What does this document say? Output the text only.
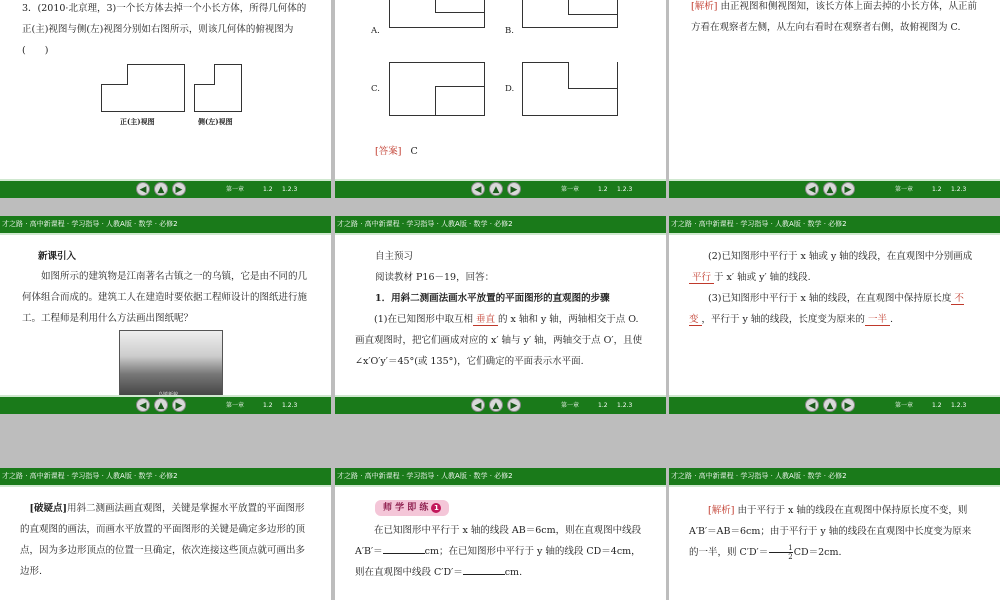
3．(2010·北京理，3)一个长方体去掉一个小长方体，所得几何体的正(主)视图与侧(左)视图分别如右图所示，则该几何体的俯视图为(　　)
正(主)视图	侧(左)视图
◀	▲	▶	第一章	1.2 1.2.3
A.	B.
C.	D.
[答案] C
◀	▲	▶	第一章	1.2 1.2.3
[解析] 由正视图和侧视图知，该长方体上面去掉的小长方体，从正前方看在观察者左侧，从左向右看时在观察者右侧，故俯视图为 C.
◀	▲	▶	第一章	1.2 1.2.3
才之路 · 高中新课程 · 学习指导 · 人教A版 · 数学 · 必修2
新课引入
如图所示的建筑物是江南著名古镇之一的乌镇，它是由不同的几何体组合而成的。建筑工人在建造时要依据工程师设计的图纸进行施工。工程师是利用什么方法画出图纸呢？
◀	▲	▶	第一章	1.2 1.2.3
才之路 · 高中新课程 · 学习指导 · 人教A版 · 数学 · 必修2
自主预习
阅读教材 P16－19，回答：
1．用斜二测画法画水平放置的平面图形的直观图的步骤
(1)在已知图形中取互相 垂直 的 x 轴和 y 轴，两轴相交于点 O.画直观图时，把它们画成对应的 x′ 轴与 y′ 轴，两轴交于点 O′，且使∠x′O′y′＝45°(或 135°)，它们确定的平面表示水平面.
◀	▲	▶	第一章	1.2 1.2.3
才之路 · 高中新课程 · 学习指导 · 人教A版 · 数学 · 必修2
(2)已知图形中平行于 x 轴或 y 轴的线段，在直观图中分别画成平行 于 x′ 轴或 y′ 轴的线段.
(3)已知图形中平行于 x 轴的线段，在直观图中保持原长度 不变 ，平行于 y 轴的线段，长度变为原来的 一半 .
◀	▲	▶	第一章	1.2 1.2.3
才之路 · 高中新课程 · 学习指导 · 人教A版 · 数学 · 必修2
[破疑点]用斜二测画法画直观图，关键是掌握水平放置的平面图形的直观图的画法，而画水平放置的平面图形的关键是确定多边形的顶点，因为多边形顶点的位置一旦确定，依次连接这些顶点就可画出多边形.
才之路 · 高中新课程 · 学习指导 · 人教A版 · 数学 · 必修2
师 学 即 练 1
在已知图形中平行于 x 轴的线段 AB＝6cm，则在直观图中线段 A′B′＝	cm；在已知图形中平行于 y 轴的线段 CD＝4cm，则在直观图中线段 C′D′＝	cm.
才之路 · 高中新课程 · 学习指导 · 人教A版 · 数学 · 必修2
[解析] 由于平行于 x 轴的线段在直观图中保持原长度不变，则 A′B′＝AB＝6cm；由于平行于 y 轴的线段在直观图中长度变为原来的一半，则 $C'D'= \frac{1}{2} CD=2cm$.
